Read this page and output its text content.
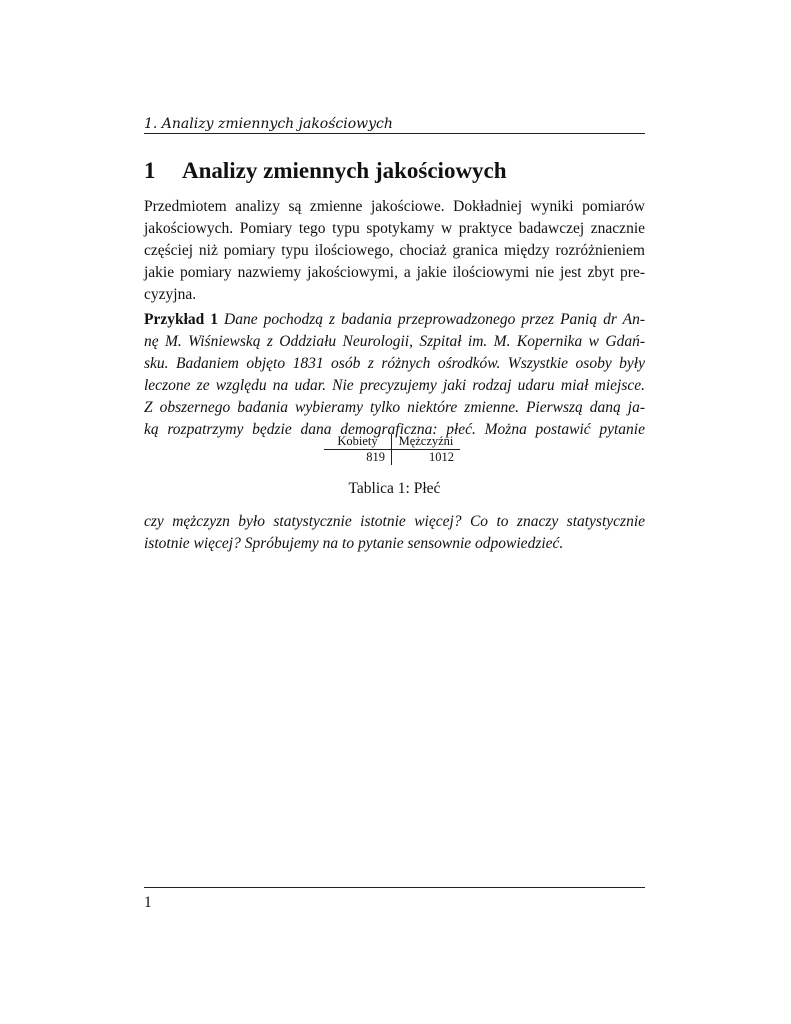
1. Analizy zmiennych jakościowych
1 Analizy zmiennych jakościowych
Przedmiotem analizy są zmienne jakościowe. Dokładniej wyniki pomiarów
jakościowych. Pomiary tego typu spotykamy w praktyce badawczej znacznie
częściej niż pomiary typu ilościowego, chociaż granica między rozróżnieniem
jakie pomiary nazwiemy jakościowymi, a jakie ilościowymi nie jest zbyt pre-
cyzyjna.
Przykład 1 Dane pochodzą z badania przeprowadzonego przez Panią dr An-
nę M. Wiśniewską z Oddziału Neurologii, Szpitał im. M. Kopernika w Gdań-
sku. Badaniem objęto 1831 osób z różnych ośrodków. Wszystkie osoby były
leczone ze względu na udar. Nie precyzujemy jaki rodzaj udaru miał miejsce.
Z obszernego badania wybieramy tylko niektóre zmienne. Pierwszą daną ja-
ką rozpatrzymy będzie dana demograficzna: płeć. Można postawić pytanie
Kobiety	Mężczyźni
819	1012
Tablica 1: Płeć
czy mężczyzn było statystycznie istotnie więcej? Co to znaczy statystycznie
istotnie więcej? Spróbujemy na to pytanie sensownie odpowiedzieć.
1
